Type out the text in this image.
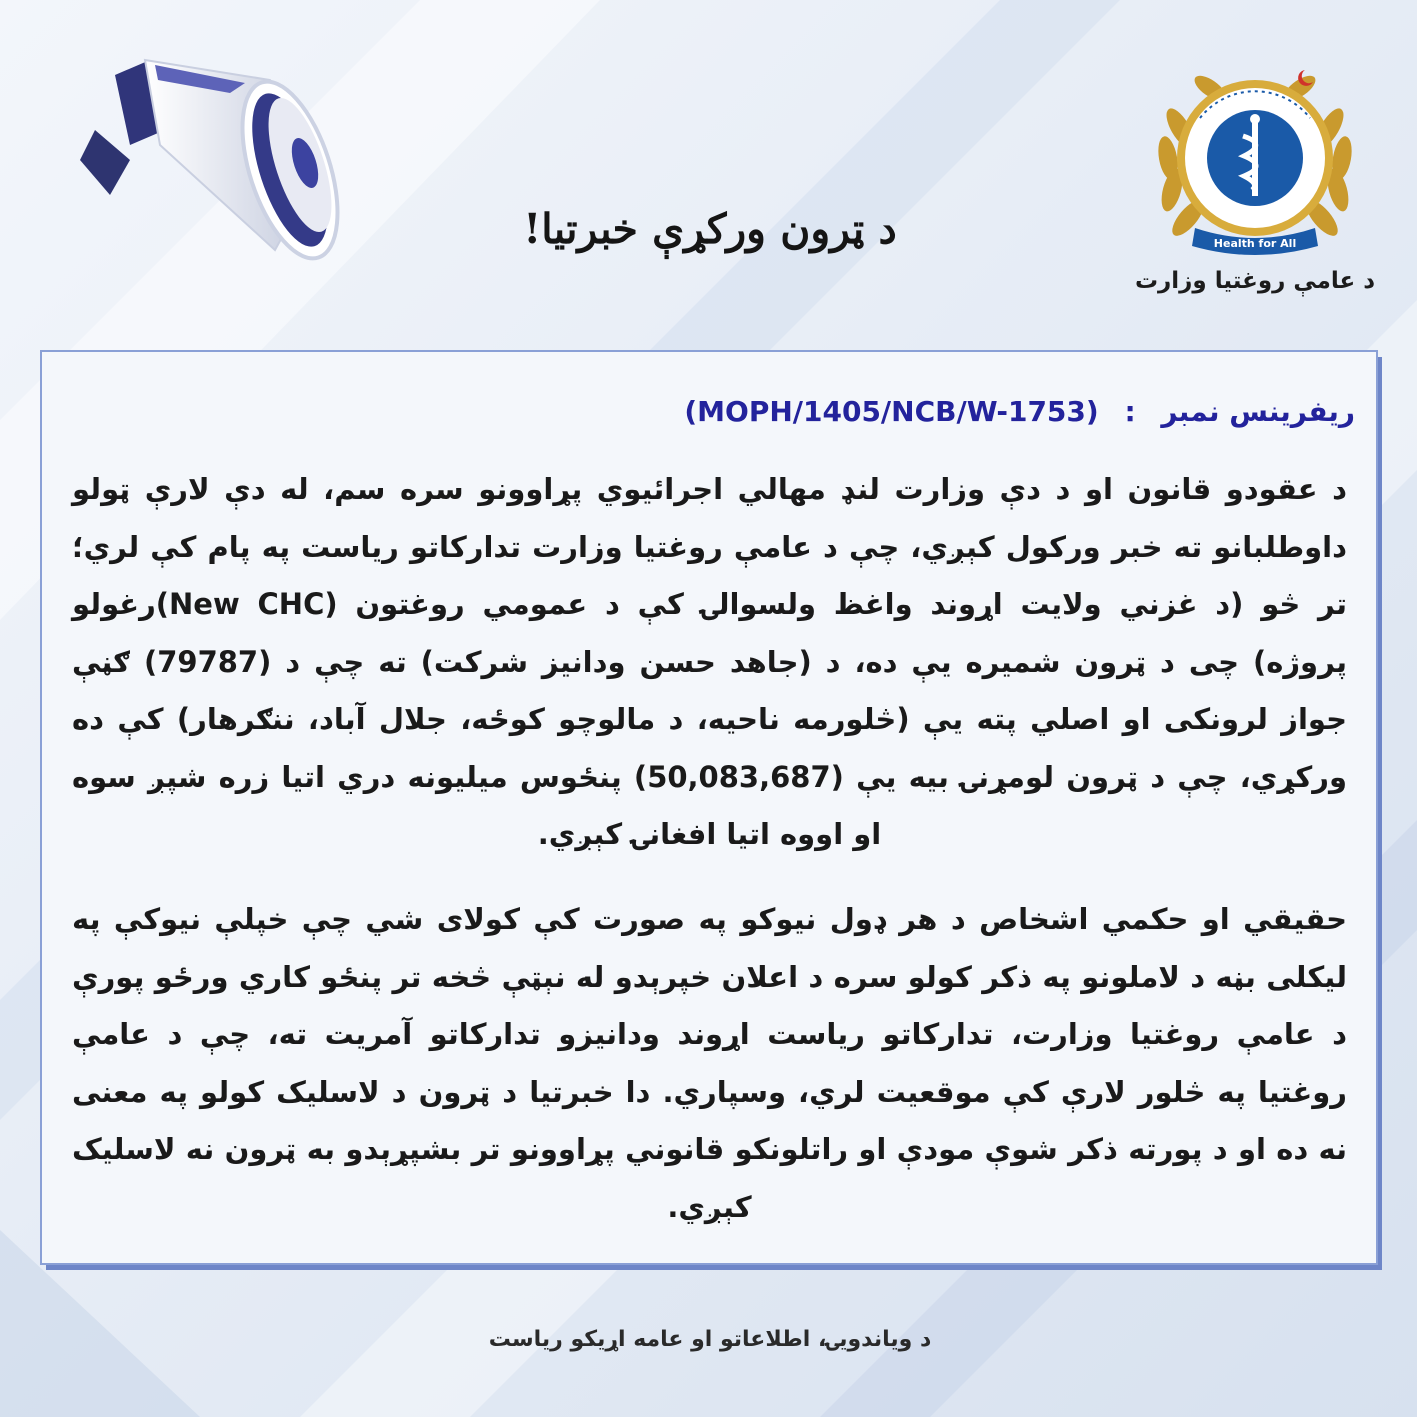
Health for All
د عامې روغتیا وزارت
د ټرون ورکړې خبرتیا!
ريفرينس نمبر : (MOPH/1405/NCB/W-1753)

د عقودو قانون او د دې وزارت لنډ مهالي اجرائیوي پړاوونو سره سم، له دې لارې ټولو داوطلبانو ته خبر ورکول کېږي، چې د عامې روغتیا وزارت تدارکاتو ریاست په پام کې لري؛ تر څو (د غزني ولايت اړوند واغظ ولسوالۍ کې د عمومي روغتون (New CHC)رغولو پروژه) چی د ټرون شمیره يې ده، د (جاهد حسن ودانيز شرکت) ته چې د (79787) ګڼې جواز لرونکی او اصلي پته يې (څلورمه ناحیه، د مالوچو کوځه، جلال آباد، ننګرهار) کې ده ورکړي، چې د ټرون لومړنۍ بيه يې (50,083,687) پنځوس میلیونه دري اتیا زره شپږ سوه او اووه اتیا افغانۍ کېږي.

حقیقي او حکمي اشخاص د هر ډول نیوکو په صورت کې کولای شي چې خپلې نیوکې په لیکلی بڼه د لاملونو په ذکر کولو سره د اعلان خپرېدو له نېټې څخه تر پنځو کاري ورځو پورې د عامې روغتیا وزارت، تدارکاتو ریاست اړوند ودانیزو تدارکاتو آمریت ته، چې د عامې روغتیا په څلور لارې کې موقعيت لري، وسپاري. دا خبرتیا د ټرون د لاسلیک کولو په معنی نه ده او د پورته ذکر شوې مودې او راتلونکو قانوني پړاوونو تر بشپړېدو به ټرون نه لاسلیک کېږي.

د ویاندویۍ، اطلاعاتو او عامه اړیکو ریاست
